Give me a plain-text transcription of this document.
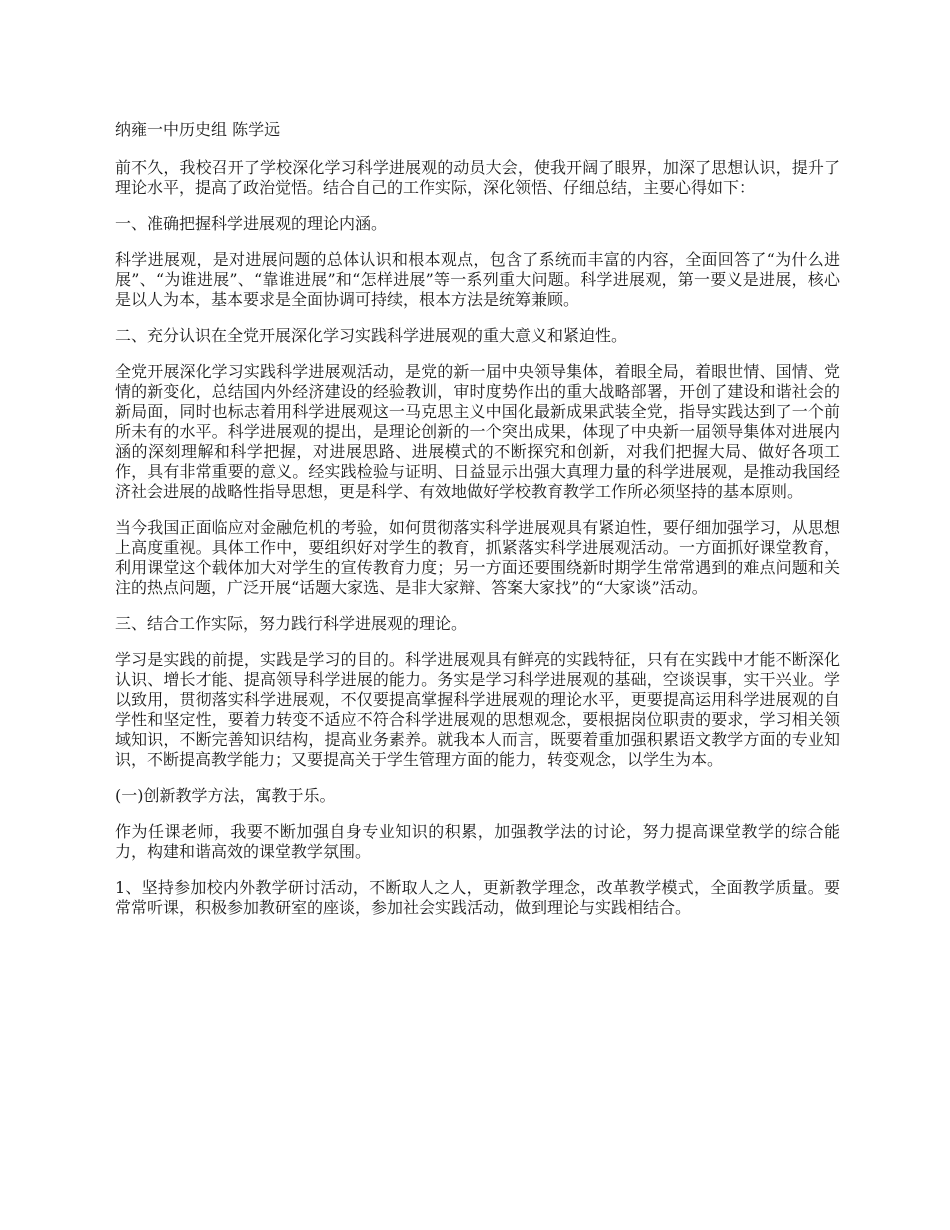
纳雍一中历史组 陈学远

前不久，我校召开了学校深化学习科学进展观的动员大会，使我开阔了眼界，加深了思想认识，提升了理论水平，提高了政治觉悟。结合自己的工作实际，深化领悟、仔细总结，主要心得如下：

一、准确把握科学进展观的理论内涵。

科学进展观，是对进展问题的总体认识和根本观点，包含了系统而丰富的内容，全面回答了“为什么进展”、“为谁进展”、“靠谁进展”和“怎样进展”等一系列重大问题。科学进展观，第一要义是进展，核心是以人为本，基本要求是全面协调可持续，根本方法是统筹兼顾。

二、充分认识在全党开展深化学习实践科学进展观的重大意义和紧迫性。

全党开展深化学习实践科学进展观活动，是党的新一届中央领导集体，着眼全局，着眼世情、国情、党情的新变化，总结国内外经济建设的经验教训，审时度势作出的重大战略部署，开创了建设和谐社会的新局面，同时也标志着用科学进展观这一马克思主义中国化最新成果武装全党，指导实践达到了一个前所未有的水平。科学进展观的提出，是理论创新的一个突出成果，体现了中央新一届领导集体对进展内涵的深刻理解和科学把握，对进展思路、进展模式的不断探究和创新，对我们把握大局、做好各项工作，具有非常重要的意义。经实践检验与证明、日益显示出强大真理力量的科学进展观，是推动我国经济社会进展的战略性指导思想，更是科学、有效地做好学校教育教学工作所必须坚持的基本原则。

当今我国正面临应对金融危机的考验，如何贯彻落实科学进展观具有紧迫性，要仔细加强学习，从思想上高度重视。具体工作中，要组织好对学生的教育，抓紧落实科学进展观活动。一方面抓好课堂教育，利用课堂这个载体加大对学生的宣传教育力度；另一方面还要围绕新时期学生常常遇到的难点问题和关注的热点问题，广泛开展“话题大家选、是非大家辩、答案大家找”的“大家谈”活动。

三、结合工作实际，努力践行科学进展观的理论。

学习是实践的前提，实践是学习的目的。科学进展观具有鲜亮的实践特征，只有在实践中才能不断深化认识、增长才能、提高领导科学进展的能力。务实是学习科学进展观的基础，空谈误事，实干兴业。学以致用，贯彻落实科学进展观，不仅要提高掌握科学进展观的理论水平，更要提高运用科学进展观的自学性和坚定性，要着力转变不适应不符合科学进展观的思想观念，要根据岗位职责的要求，学习相关领域知识，不断完善知识结构，提高业务素养。就我本人而言，既要着重加强积累语文教学方面的专业知识，不断提高教学能力；又要提高关于学生管理方面的能力，转变观念，以学生为本。

(一)创新教学方法，寓教于乐。

作为任课老师，我要不断加强自身专业知识的积累，加强教学法的讨论，努力提高课堂教学的综合能力，构建和谐高效的课堂教学氛围。

1、坚持参加校内外教学研讨活动，不断取人之人，更新教学理念，改革教学模式，全面教学质量。要常常听课，积极参加教研室的座谈，参加社会实践活动，做到理论与实践相结合。
